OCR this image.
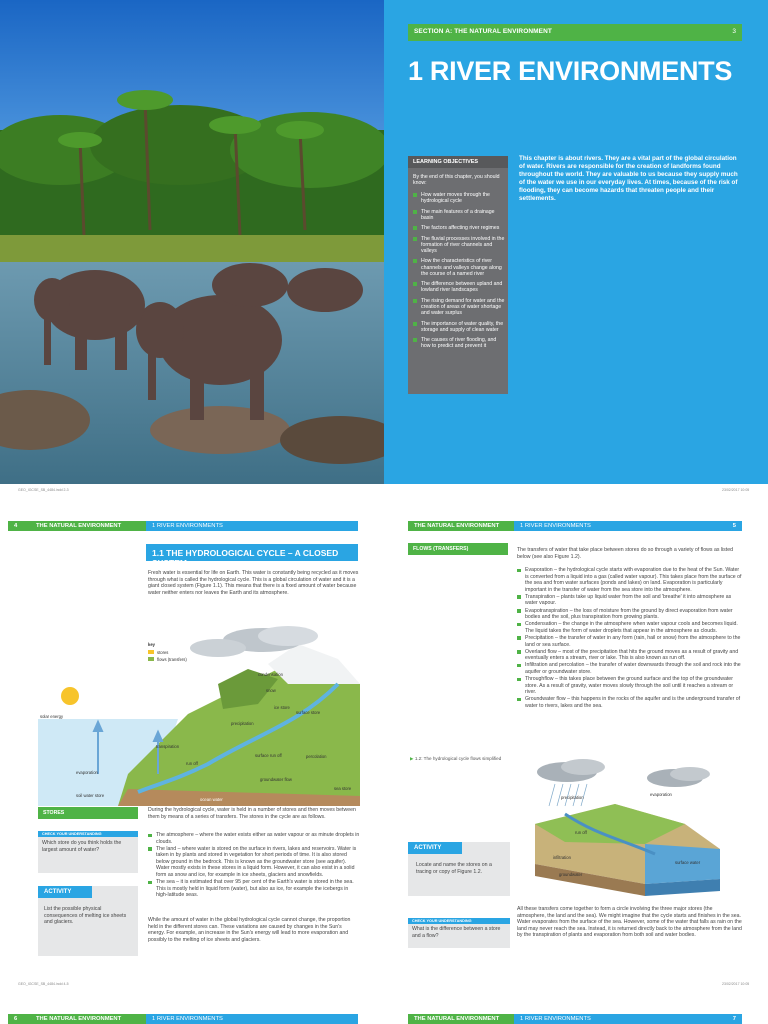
SECTION A: THE NATURAL ENVIRONMENT	3
1 RIVER ENVIRONMENTS
LEARNING OBJECTIVES
By the end of this chapter, you should know:
How water moves through the hydrological cycle
The main features of a drainage basin
The factors affecting river regimes
The fluvial processes involved in the formation of river channels and valleys
How the characteristics of river channels and valleys change along the course of a named river
The difference between upland and lowland river landscapes
The rising demand for water and the creation of areas of water shortage and water surplus
The importance of water quality, the storage and supply of clean water
The causes of river flooding, and how to predict and prevent it
This chapter is about rivers. They are a vital part of the global circulation of water. Rivers are responsible for the creation of landforms found throughout the world. They are valuable to us because they supply much of the water we use in our everyday lives. At times, because of the risk of flooding, they can become hazards that threaten people and their settlements.
GEO_IGCSE_SB_4484.indd 2-3	23/02/2017 10:05
4	THE NATURAL ENVIRONMENT	1 RIVER ENVIRONMENTS	THE NATURAL ENVIRONMENT	1 RIVER ENVIRONMENTS	5
1.1 THE HYDROLOGICAL CYCLE – A CLOSED SYSTEM
Fresh water is essential for life on Earth. This water is constantly being recycled as it moves through what is called the hydrological cycle. This is a global circulation of water and it is a giant closed system (Figure 1.1). This means that there is a fixed amount of water because water neither enters nor leaves the Earth and its atmosphere.
condensation
snow
ice store
surface store
precipitation
solar energy
evaporation
transpiration
surface run off	percolation
run off
groundwater flow
soil water store
sea store
ocean water
key
stores
flows (transfers)
STORES	During the hydrological cycle, water is held in a number of stores and then moves between them by means of a series of transfers. The stores in the cycle are as follows.
CHECK YOUR UNDERSTANDING
Which store do you think holds the largest amount of water?
ACTIVITY
List the possible physical consequences of melting ice sheets and glaciers.
The atmosphere – where the water exists either as water vapour or as minute droplets in clouds.
The land – where water is stored on the surface in rivers, lakes and reservoirs. Water is taken in by plants and stored in vegetation for short periods of time. It is also stored below ground in the bedrock. This is known as the groundwater store (see aquifer). Water mostly exists in these stores in a liquid form. However, it can also exist in a solid form as snow and ice, for example in ice sheets, glaciers and snowfields.
The sea – it is estimated that over 95 per cent of the Earth's water is stored in the sea. This is mostly held in liquid form (water), but also as ice, for example the icebergs in high-latitude seas.
While the amount of water in the global hydrological cycle cannot change, the proportion held in the different stores can. These variations are caused by changes in the Sun's energy. For example, an increase in the Sun's energy will lead to more evaporation and possibly to the melting of ice sheets and glaciers.
FLOWS (TRANSFERS)	The transfers of water that take place between stores do so through a variety of flows as listed below (see also Figure 1.2).
Evaporation – the hydrological cycle starts with evaporation due to the heat of the Sun. Water is converted from a liquid into a gas (called water vapour). This takes place from the surface of the sea and from water surfaces (ponds and lakes) on land. Evaporation is particularly important in the transfer of water from the sea store into the atmosphere.
Transpiration – plants take up liquid water from the soil and 'breathe' it into atmosphere as water vapour.
Evapotranspiration – the loss of moisture from the ground by direct evaporation from water bodies and the soil, plus transpiration from growing plants.
Condensation – the change in the atmosphere when water vapour cools and becomes liquid. The liquid takes the form of water droplets that appear in the atmosphere as clouds.
Precipitation – the transfer of water in any form (rain, hail or snow) from the atmosphere to the land or sea surface.
Overland flow – most of the precipitation that hits the ground moves as a result of gravity and eventually enters a stream, river or lake. This is also known as run off.
Infiltration and percolation – the transfer of water downwards through the soil and rock into the aquifer or groundwater store.
Throughflow – this takes place between the ground surface and the top of the groundwater store. As a result of gravity, water moves slowly through the soil until it reaches a stream or river.
Groundwater flow – this happens in the rocks of the aquifer and is the underground transfer of water to rivers, lakes and the sea.
▶ 1.2: The hydrological cycle flows simplified
precipitation
evaporation
run off
infiltration
groundwater
surface water
ACTIVITY
Locate and name the stores on a tracing or copy of Figure 1.2.
CHECK YOUR UNDERSTANDING
What is the difference between a store and a flow?
All these transfers come together to form a circle involving the three major stores (the atmosphere, the land and the sea). We might imagine that the cycle starts and finishes in the sea. Water evaporates from the surface of the sea. However, some of the water that falls as rain on the land may never reach the sea. Instead, it is returned directly back to the atmosphere from the land by the transpiration of plants and evaporation from both soil and water bodies.
GEO_IGCSE_SB_4484.indd 4-5	23/02/2017 10:05
6	THE NATURAL ENVIRONMENT	1 RIVER ENVIRONMENTS	THE NATURAL ENVIRONMENT	1 RIVER ENVIRONMENTS	7
